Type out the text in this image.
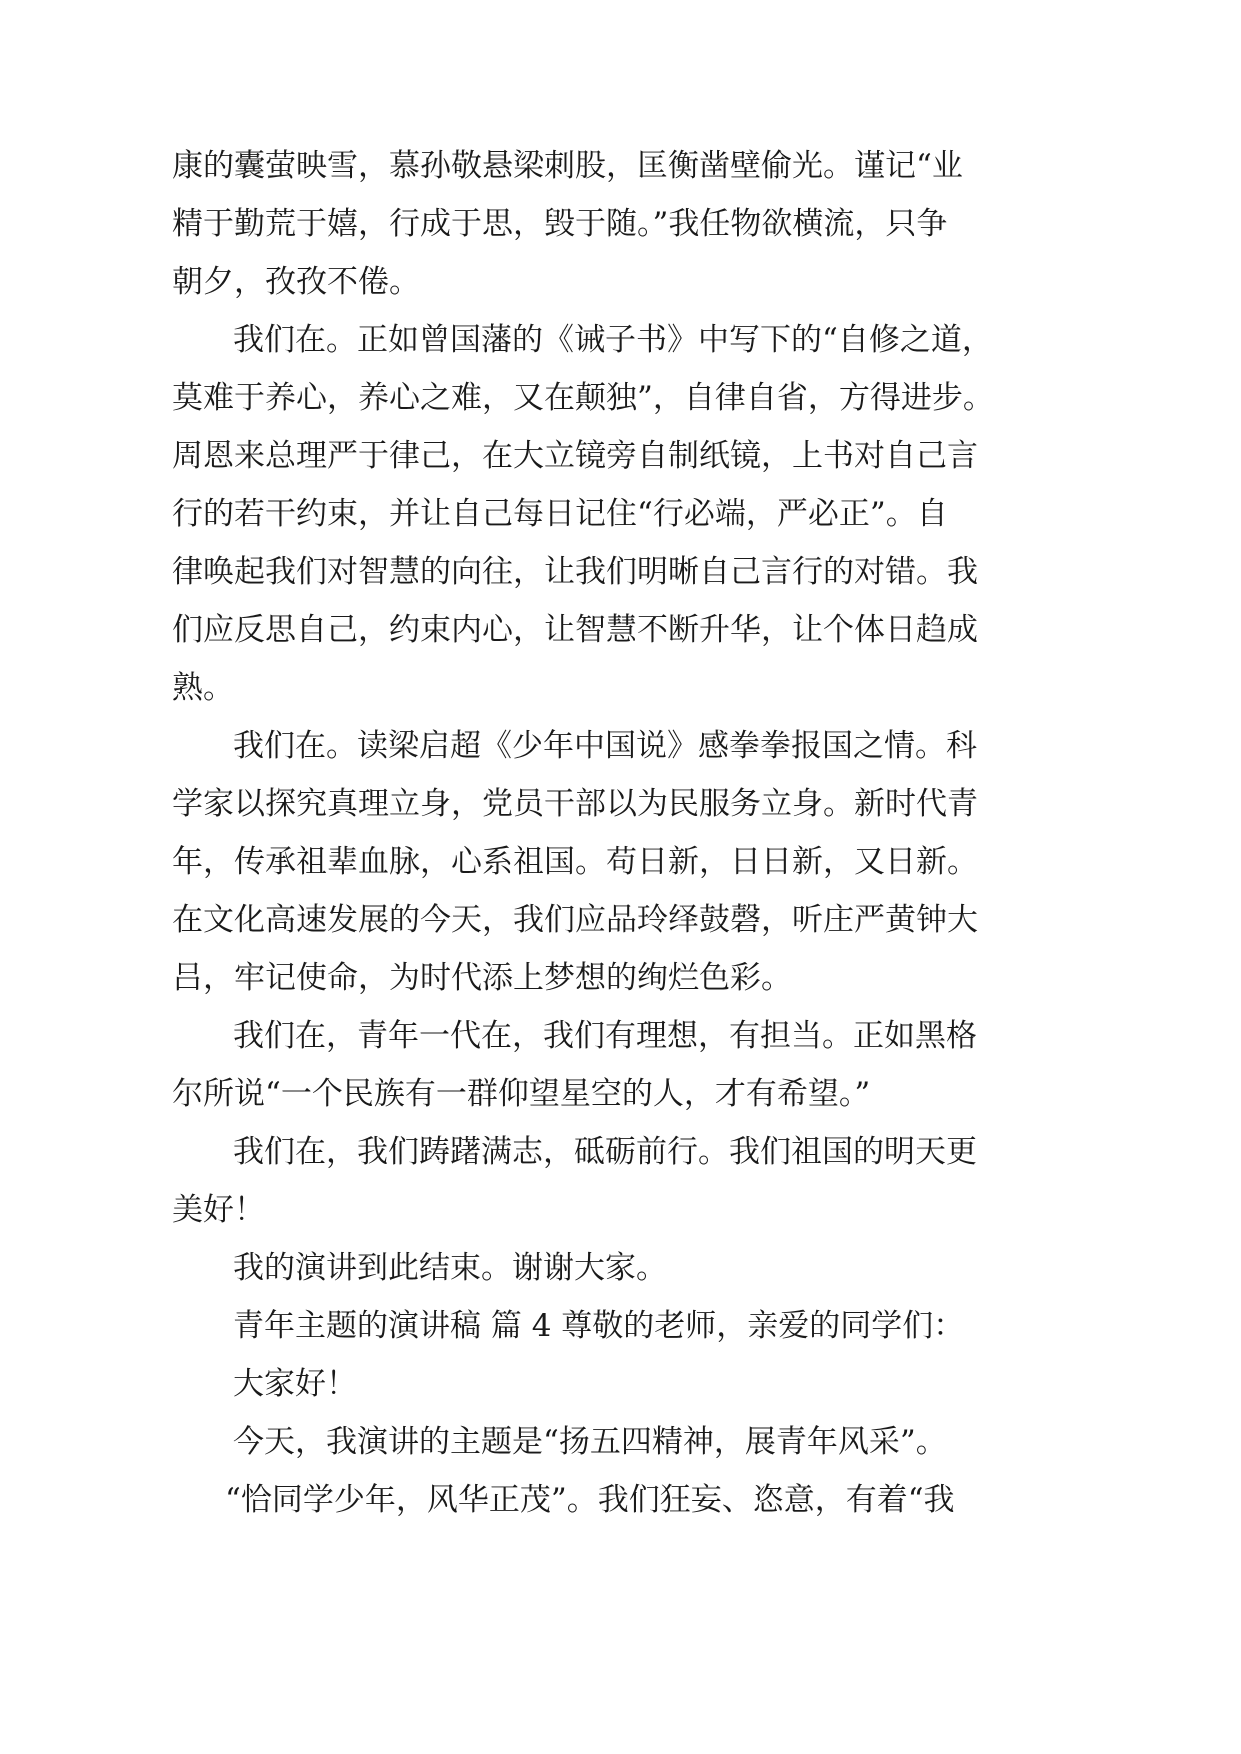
康的囊萤映雪，慕孙敬悬梁刺股，匡衡凿壁偷光。谨记“业
精于勤荒于嬉，行成于思，毁于随。”我任物欲横流，只争
朝夕，孜孜不倦。
我们在。正如曾国藩的《诫子书》中写下的“自修之道，
莫难于养心，养心之难，又在颠独”，自律自省，方得进步。
周恩来总理严于律己，在大立镜旁自制纸镜，上书对自己言
行的若干约束，并让自己每日记住“行必端，严必正”。自
律唤起我们对智慧的向往，让我们明晰自己言行的对错。我
们应反思自己，约束内心，让智慧不断升华，让个体日趋成
熟。
我们在。读梁启超《少年中国说》感拳拳报国之情。科
学家以探究真理立身，党员干部以为民服务立身。新时代青
年，传承祖辈血脉，心系祖国。苟日新，日日新，又日新。
在文化高速发展的今天，我们应品玲绎鼓磬，听庄严黄钟大
吕，牢记使命，为时代添上梦想的绚烂色彩。
我们在，青年一代在，我们有理想，有担当。正如黑格
尔所说“一个民族有一群仰望星空的人，才有希望。”
我们在，我们踌躇满志，砥砺前行。我们祖国的明天更
美好！
我的演讲到此结束。谢谢大家。
青年主题的演讲稿 篇 4 尊敬的老师，亲爱的同学们：
大家好！
今天，我演讲的主题是“扬五四精神，展青年风采”。
“恰同学少年，风华正茂”。我们狂妄、恣意，有着“我
